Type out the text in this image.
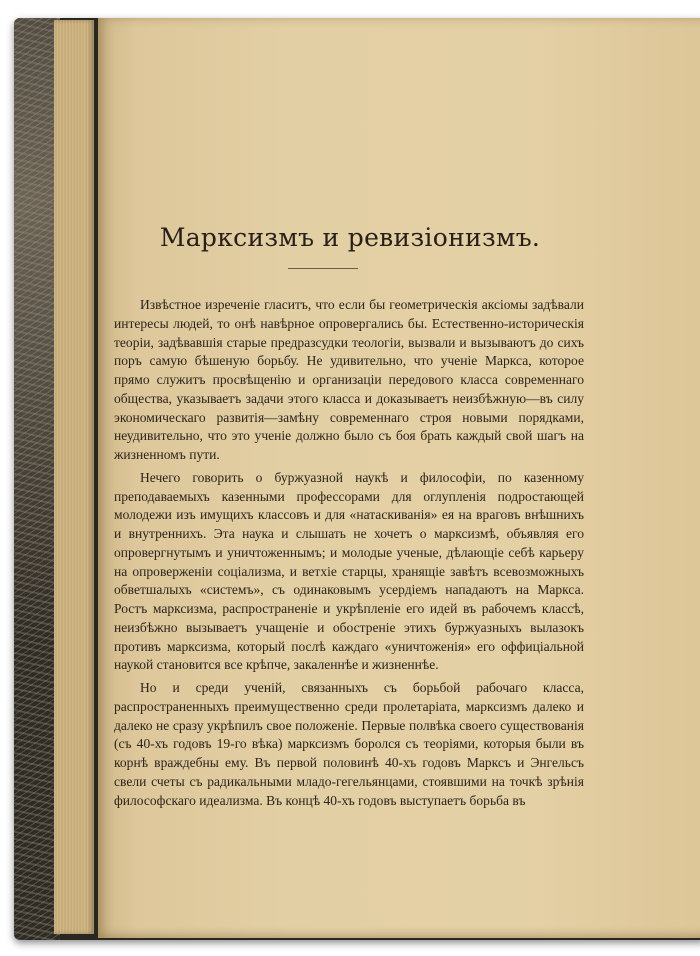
Марксизмъ и ревизіонизмъ.

Извѣстное изреченіе гласитъ, что если бы геометрическія аксіомы задѣвали интересы людей, то онѣ навѣрное опровергались бы. Естественно-историческія теоріи, задѣвавшія старые предразсудки теологіи, вызвали и вызываютъ до сихъ поръ самую бѣшеную борьбу. Не удивительно, что ученіе Маркса, которое прямо служитъ просвѣщенію и организаціи передового класса современнаго общества, указываетъ задачи этого класса и доказываетъ неизбѣжную—въ силу экономическаго развитія—замѣну современнаго строя новыми порядками, неудивительно, что это ученіе должно было съ боя брать каждый свой шагъ на жизненномъ пути.

Нечего говорить о буржуазной наукѣ и философіи, по казенному преподаваемыхъ казенными профессорами для оглупленія подростающей молодежи изъ имущихъ классовъ и для «натаскиванія» ея на враговъ внѣшнихъ и внутреннихъ. Эта наука и слышать не хочетъ о марксизмѣ, объявляя его опровергнутымъ и уничтоженнымъ; и молодые ученые, дѣлающіе себѣ карьеру на опроверженіи соціализма, и ветхіе старцы, хранящіе завѣтъ всевозможныхъ обветшалыхъ «системъ», съ одинаковымъ усердіемъ нападаютъ на Маркса. Ростъ марксизма, распространеніе и укрѣпленіе его идей въ рабочемъ классѣ, неизбѣжно вызываетъ учащеніе и обостреніе этихъ буржуазныхъ вылазокъ противъ марксизма, который послѣ каждаго «уничтоженія» его оффиціальной наукой становится все крѣпче, закаленнѣе и жизненнѣе.

Но и среди ученій, связанныхъ съ борьбой рабочаго класса, распространенныхъ преимущественно среди пролетаріата, марксизмъ далеко и далеко не сразу укрѣпилъ свое положеніе. Первые полвѣка своего существованія (съ 40-хъ годовъ 19-го вѣка) марксизмъ боролся съ теоріями, которыя были въ корнѣ враждебны ему. Въ первой половинѣ 40-хъ годовъ Марксъ и Энгельсъ свели счеты съ радикальными младо-гегельянцами, стоявшими на точкѣ зрѣнія философскаго идеализма. Въ концѣ 40-хъ годовъ выступаетъ борьба въ
